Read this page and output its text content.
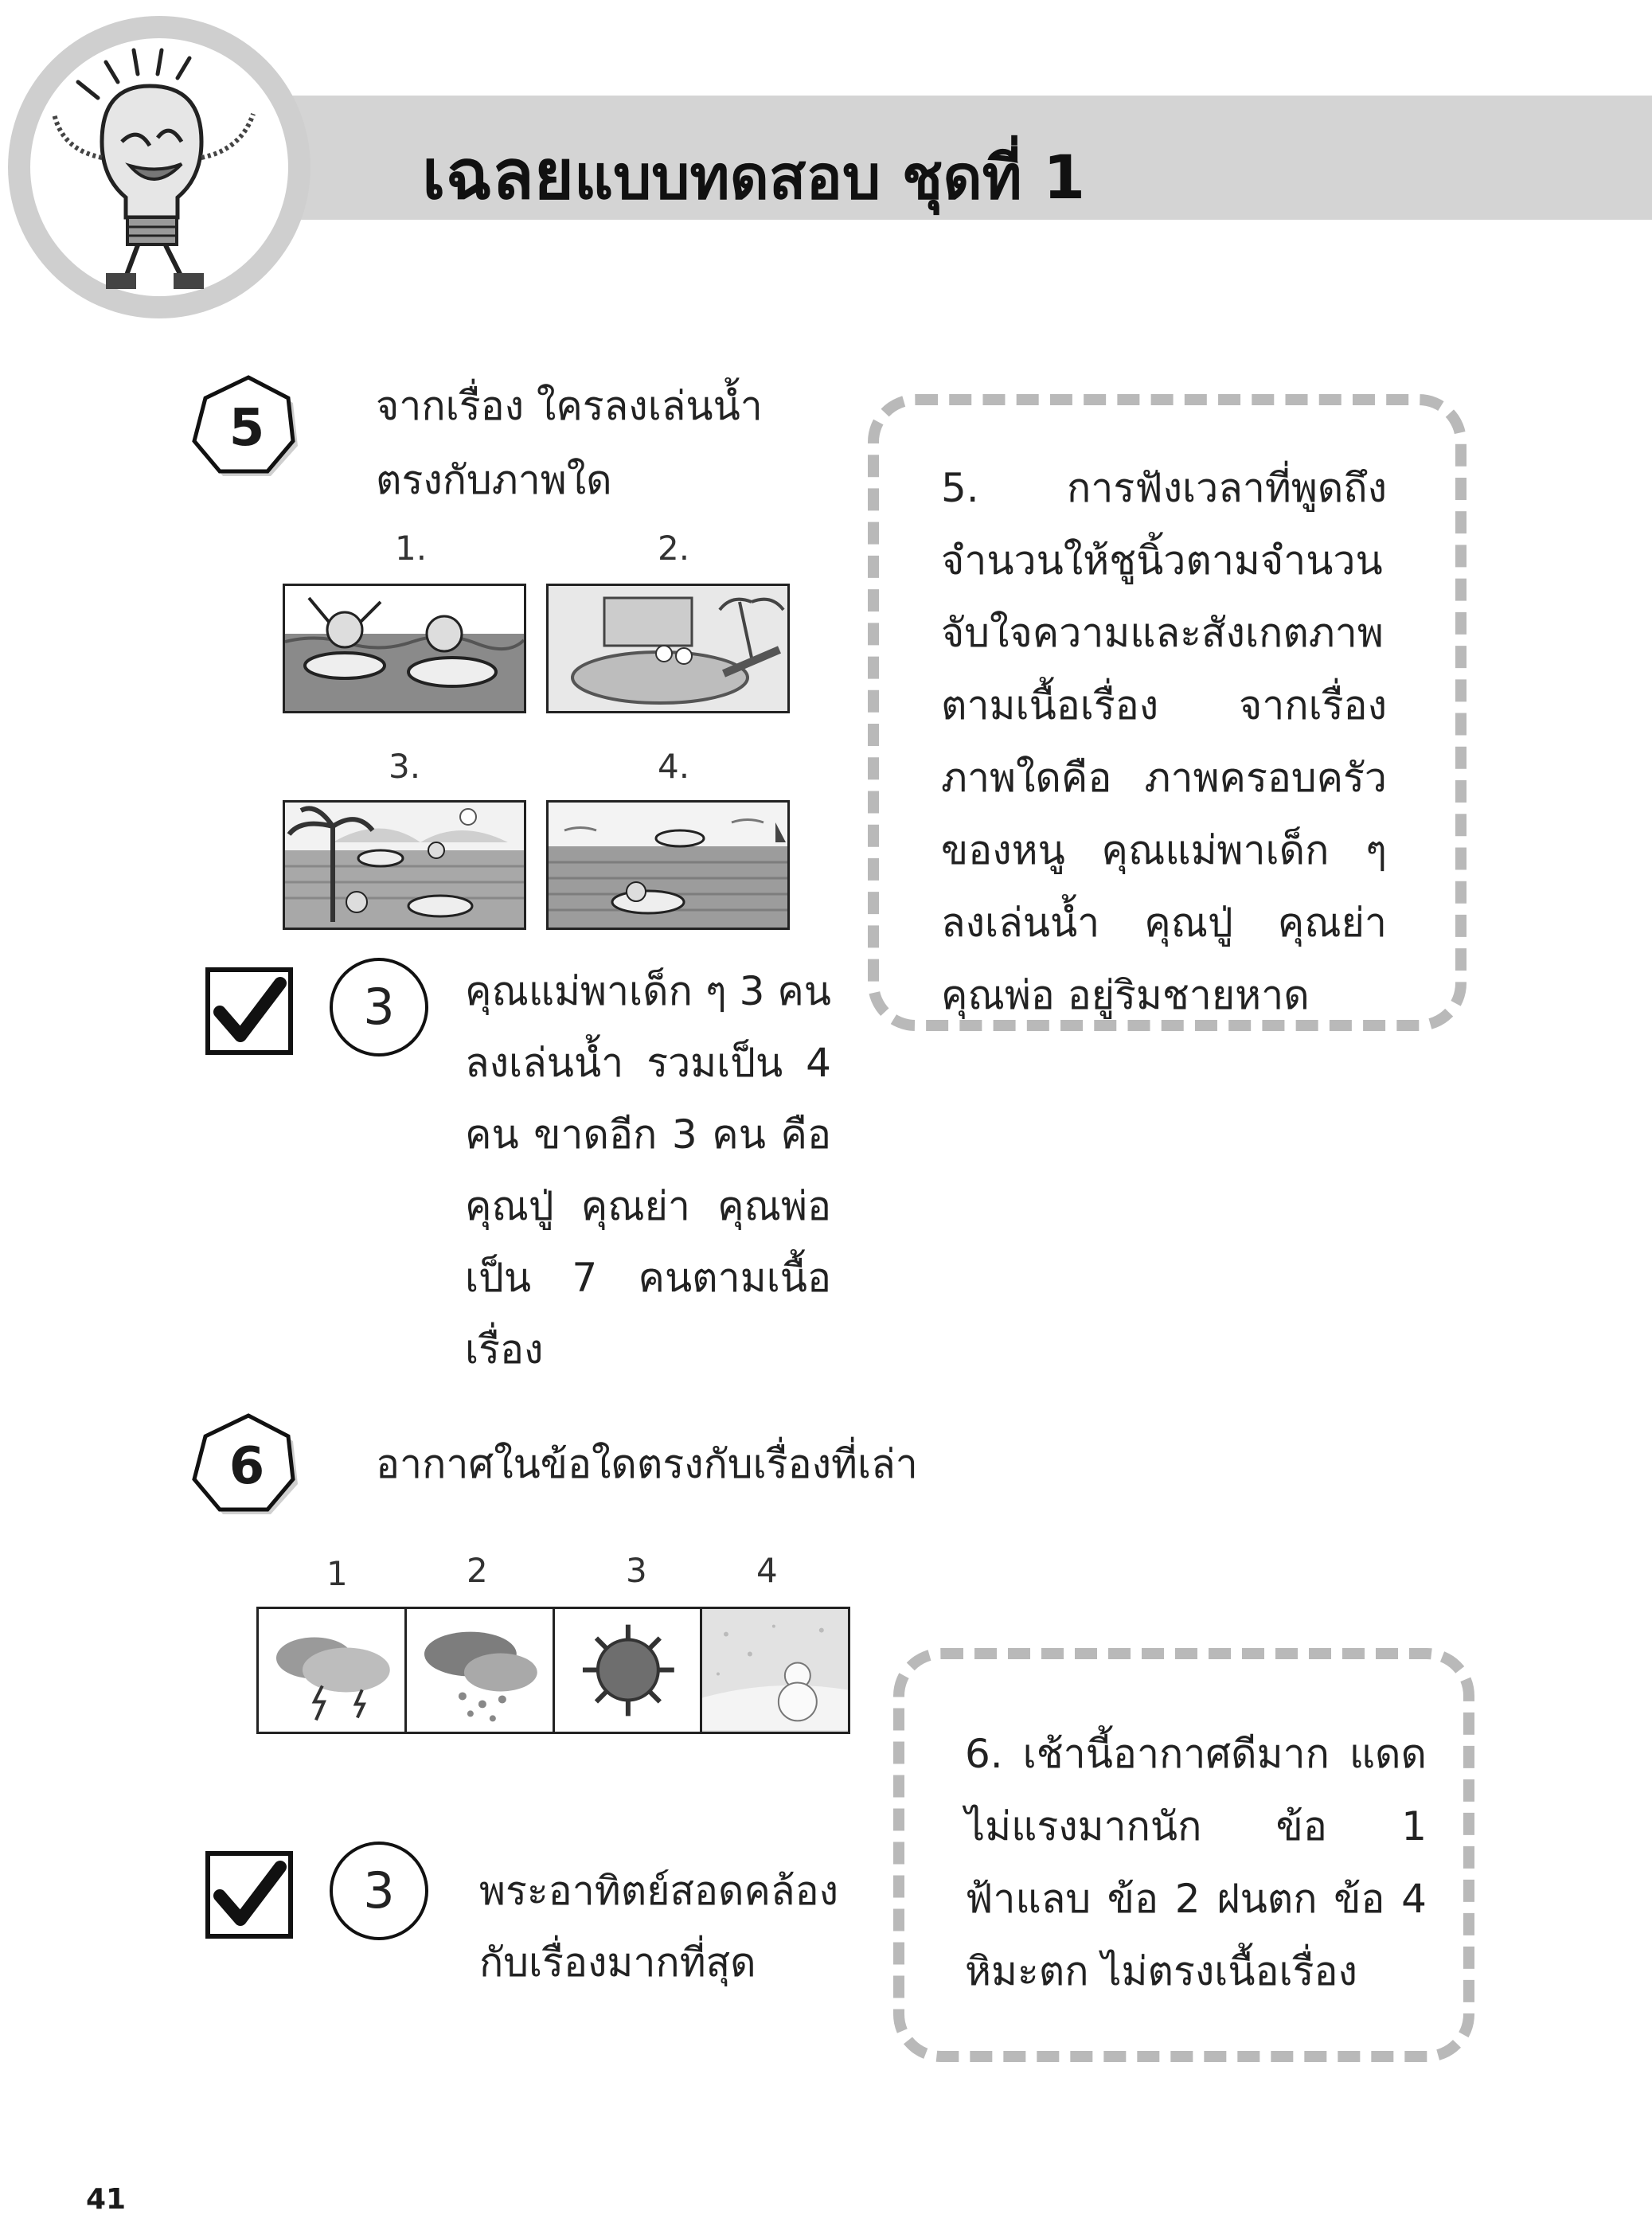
เฉลยแบบทดสอบ ชุดที่ 1
5	จากเรื่อง ใครลงเล่นน้ำ ตรงกับภาพใด
1.	2.
3.	4.
3	คุณแม่พาเด็ก ๆ 3 คน ลงเล่นน้ำ รวมเป็น 4 คน ขาดอีก 3 คน คือ คุณปู่ คุณย่า คุณพ่อ เป็น 7 คนตามเนื้อเรื่อง
5. การฟังเวลาที่พูดถึงจำนวนให้ชูนิ้วตามจำนวน จับใจความและสังเกตภาพตามเนื้อเรื่อง จากเรื่องภาพใดคือ ภาพครอบครัวของหนู คุณแม่พาเด็ก ๆ ลงเล่นน้ำ คุณปู่ คุณย่า คุณพ่อ อยู่ริมชายหาด
6	อากาศในข้อใดตรงกับเรื่องที่เล่า
1	2	3	4
3	พระอาทิตย์สอดคล้องกับเรื่องมากที่สุด
6. เช้านี้อากาศดีมาก แดดไม่แรงมากนัก ข้อ 1 ฟ้าแลบ ข้อ 2 ฝนตก ข้อ 4 หิมะตก ไม่ตรงเนื้อเรื่อง
41
